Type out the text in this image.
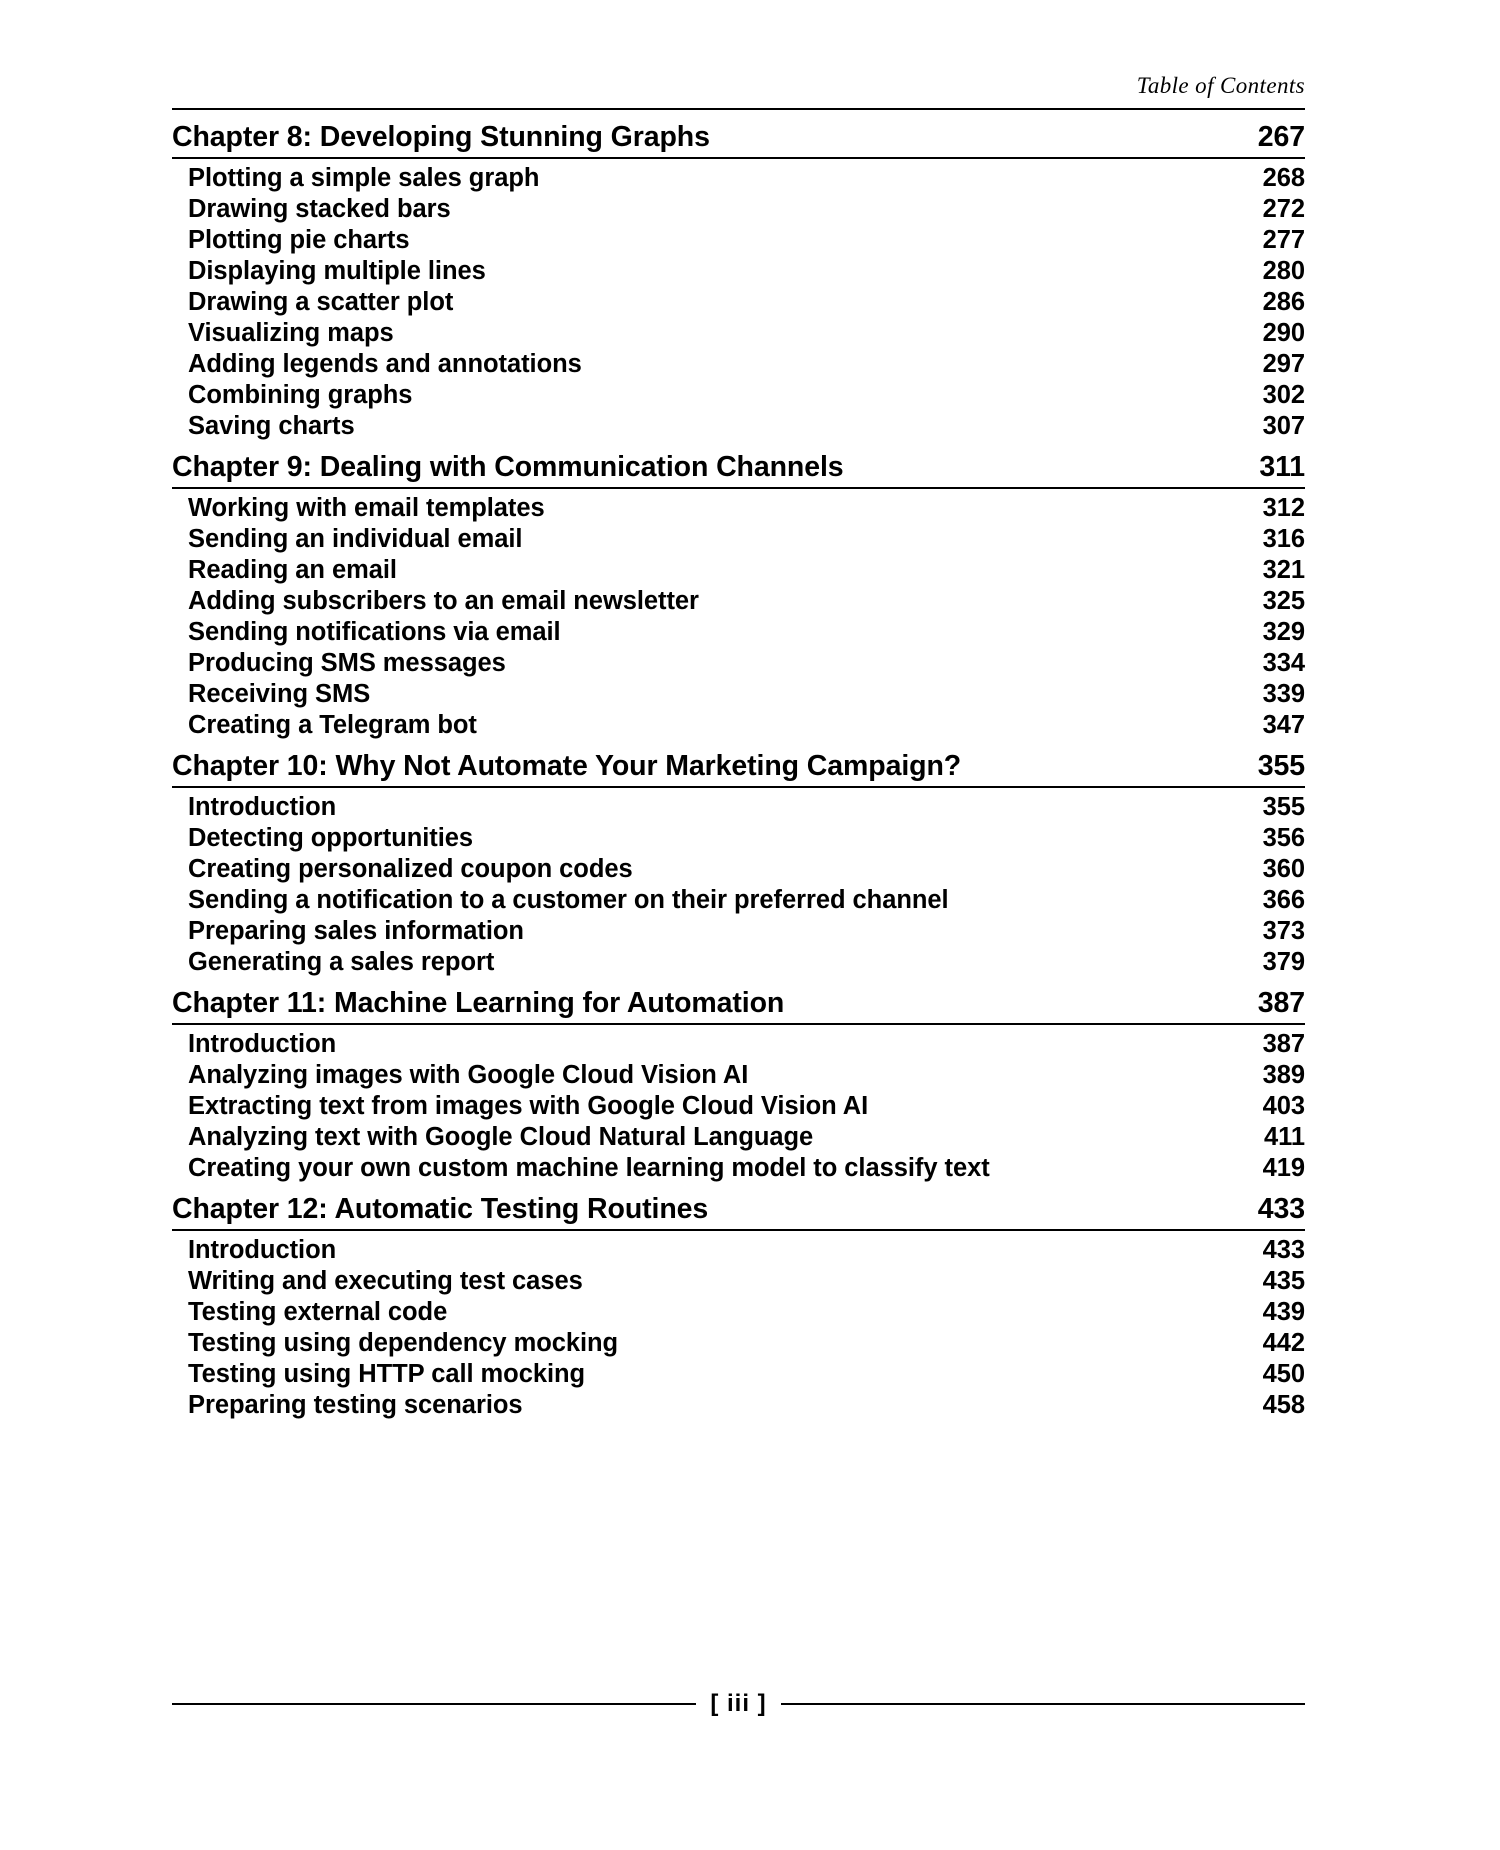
Table of Contents
Chapter 8: Developing Stunning Graphs	267
Plotting a simple sales graph	268
Drawing stacked bars	272
Plotting pie charts	277
Displaying multiple lines	280
Drawing a scatter plot	286
Visualizing maps	290
Adding legends and annotations	297
Combining graphs	302
Saving charts	307
Chapter 9: Dealing with Communication Channels	311
Working with email templates	312
Sending an individual email	316
Reading an email	321
Adding subscribers to an email newsletter	325
Sending notifications via email	329
Producing SMS messages	334
Receiving SMS	339
Creating a Telegram bot	347
Chapter 10: Why Not Automate Your Marketing Campaign?	355
Introduction	355
Detecting opportunities	356
Creating personalized coupon codes	360
Sending a notification to a customer on their preferred channel	366
Preparing sales information	373
Generating a sales report	379
Chapter 11: Machine Learning for Automation	387
Introduction	387
Analyzing images with Google Cloud Vision AI	389
Extracting text from images with Google Cloud Vision AI	403
Analyzing text with Google Cloud Natural Language	411
Creating your own custom machine learning model to classify text	419
Chapter 12: Automatic Testing Routines	433
Introduction	433
Writing and executing test cases	435
Testing external code	439
Testing using dependency mocking	442
Testing using HTTP call mocking	450
Preparing testing scenarios	458
[ iii ]
